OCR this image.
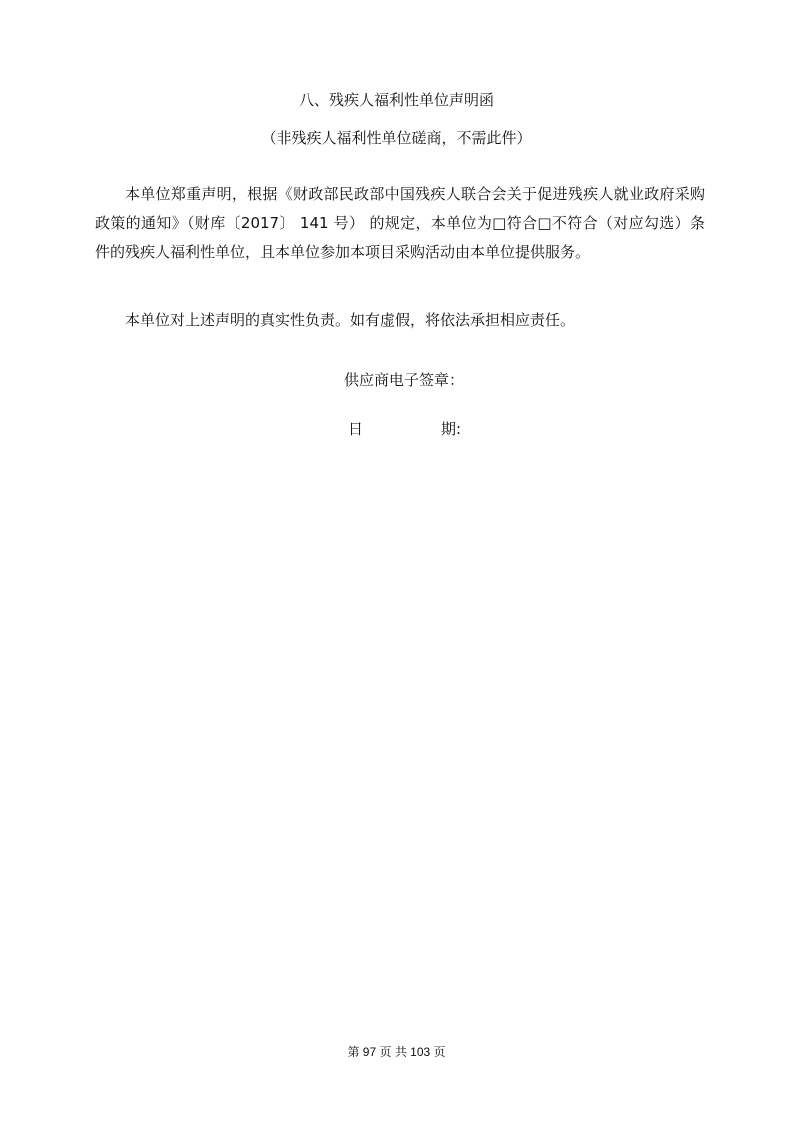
八、残疾人福利性单位声明函
（非残疾人福利性单位磋商，不需此件）
本单位郑重声明，根据《财政部民政部中国残疾人联合会关于促进残疾人就业政府采购政策的通知》（财库〔2017〕 141 号） 的规定，本单位为□符合□不符合（对应勾选）条件的残疾人福利性单位，且本单位参加本项目采购活动由本单位提供服务。
本单位对上述声明的真实性负责。如有虚假，将依法承担相应责任。
供应商电子签章：
日	期:
第 97 页 共 103 页
